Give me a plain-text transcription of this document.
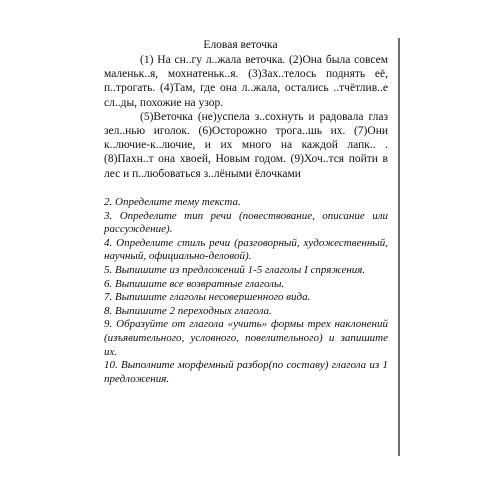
Еловая веточка

(1) На сн..гу л..жала веточка. (2)Она была совсем маленьк..я, мохнатеньк..я. (3)Зах..телось поднять её, п..трогать. (4)Там, где она л..жала, остались ..тчётлив..е сл..ды, похожие на узор.

(5)Веточка (не)успела з..сохнуть и радовала глаз зел..нью иголок. (6)Осторожно трога..шь их. (7)Они к..лючие-к..лючие, и их много на каждой лапк.. . (8)Пахн..т она хвоей, Новым годом. (9)Хоч..тся пойти в лес и п..любоваться з..лёными ёлочками

2. Определите тему текста.

3. Определите тип речи (повествование, описание или рассуждение).

4. Определите стиль речи (разговорный, художественный, научный, официально-деловой).

5. Выпишите из предложений 1-5 глаголы I спряжения.

6. Выпишите все возвратные глаголы.

7. Выпишите глаголы несовершенного вида.

8. Выпишите 2 переходных глагола.

9. Образуйте от глагола «учить» формы трех наклонений (изъявительного, условного, повелительного) и запишите их.

10. Выполните морфемный разбор(по составу) глагола из 1 предложения.
